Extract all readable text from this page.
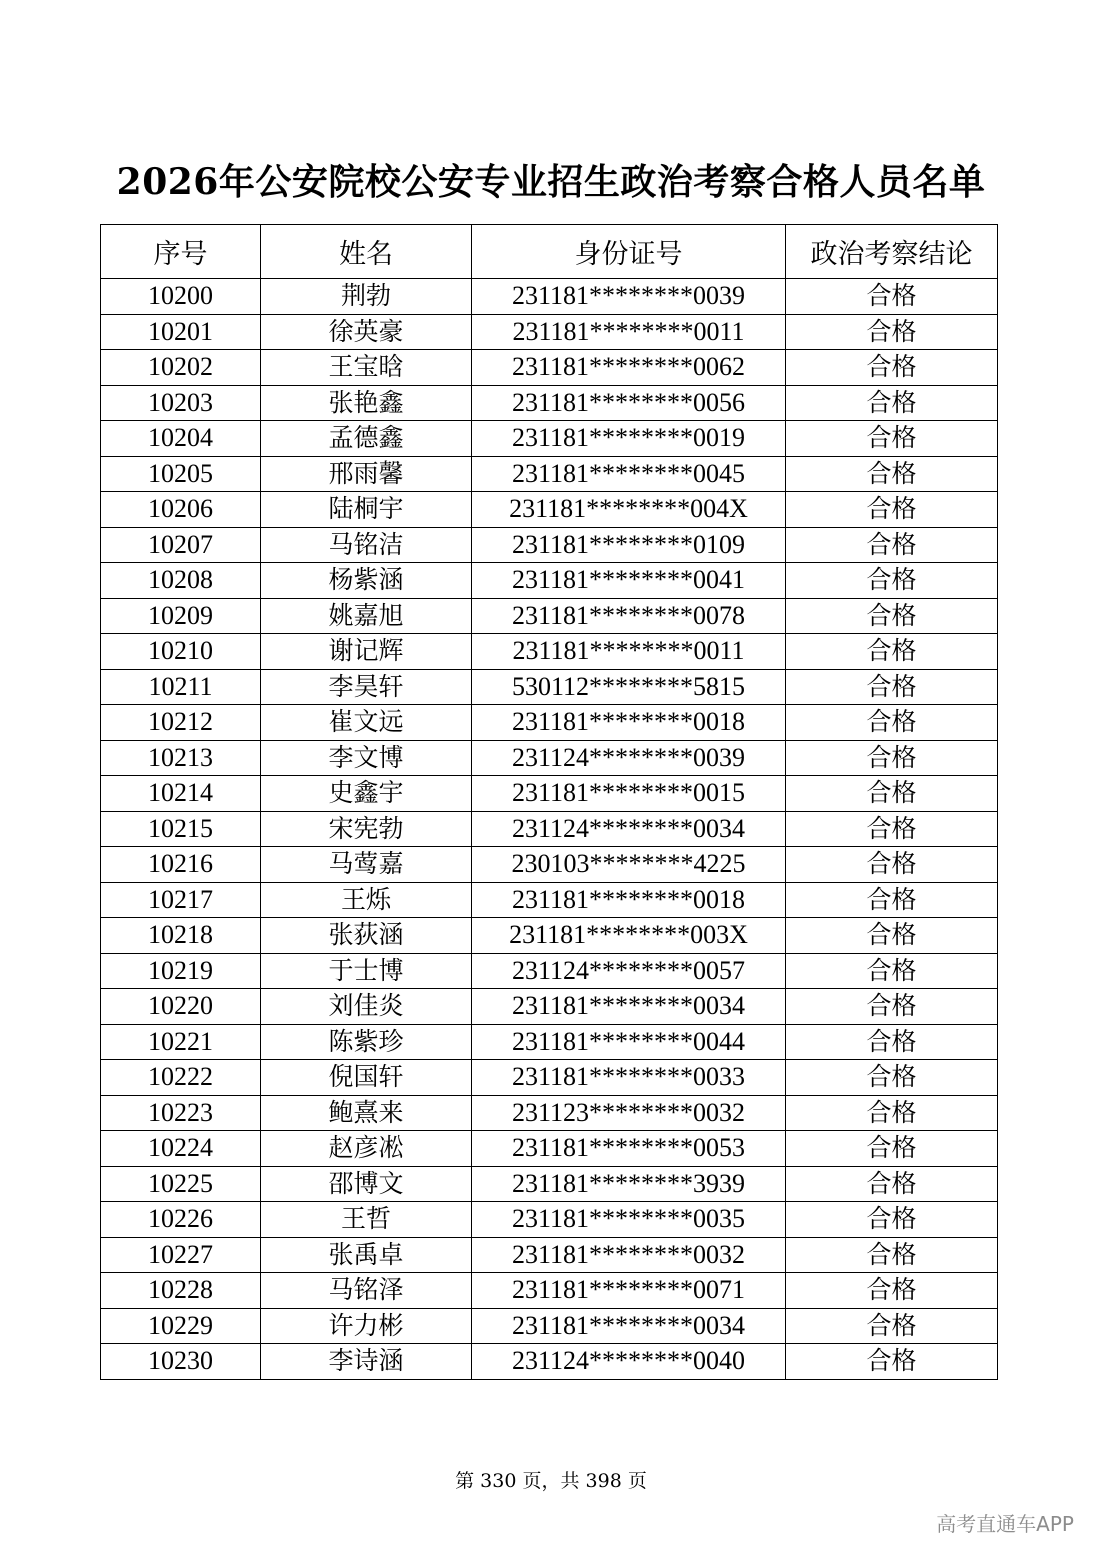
2026年公安院校公安专业招生政治考察合格人员名单
序号	姓名	身份证号	政治考察结论
10200	荆勃	231181********0039	合格
10201	徐英豪	231181********0011	合格
10202	王宝晗	231181********0062	合格
10203	张艳鑫	231181********0056	合格
10204	孟德鑫	231181********0019	合格
10205	邢雨馨	231181********0045	合格
10206	陆桐宇	231181********004X	合格
10207	马铭洁	231181********0109	合格
10208	杨紫涵	231181********0041	合格
10209	姚嘉旭	231181********0078	合格
10210	谢记辉	231181********0011	合格
10211	李昊轩	530112********5815	合格
10212	崔文远	231181********0018	合格
10213	李文博	231124********0039	合格
10214	史鑫宇	231181********0015	合格
10215	宋宪勃	231124********0034	合格
10216	马莺嘉	230103********4225	合格
10217	王烁	231181********0018	合格
10218	张荻涵	231181********003X	合格
10219	于士博	231124********0057	合格
10220	刘佳炎	231181********0034	合格
10221	陈紫珍	231181********0044	合格
10222	倪国轩	231181********0033	合格
10223	鲍熹来	231123********0032	合格
10224	赵彦凇	231181********0053	合格
10225	邵博文	231181********3939	合格
10226	王哲	231181********0035	合格
10227	张禹卓	231181********0032	合格
10228	马铭泽	231181********0071	合格
10229	许力彬	231181********0034	合格
10230	李诗涵	231124********0040	合格
第 330 页，共 398 页
高考直通车APP
